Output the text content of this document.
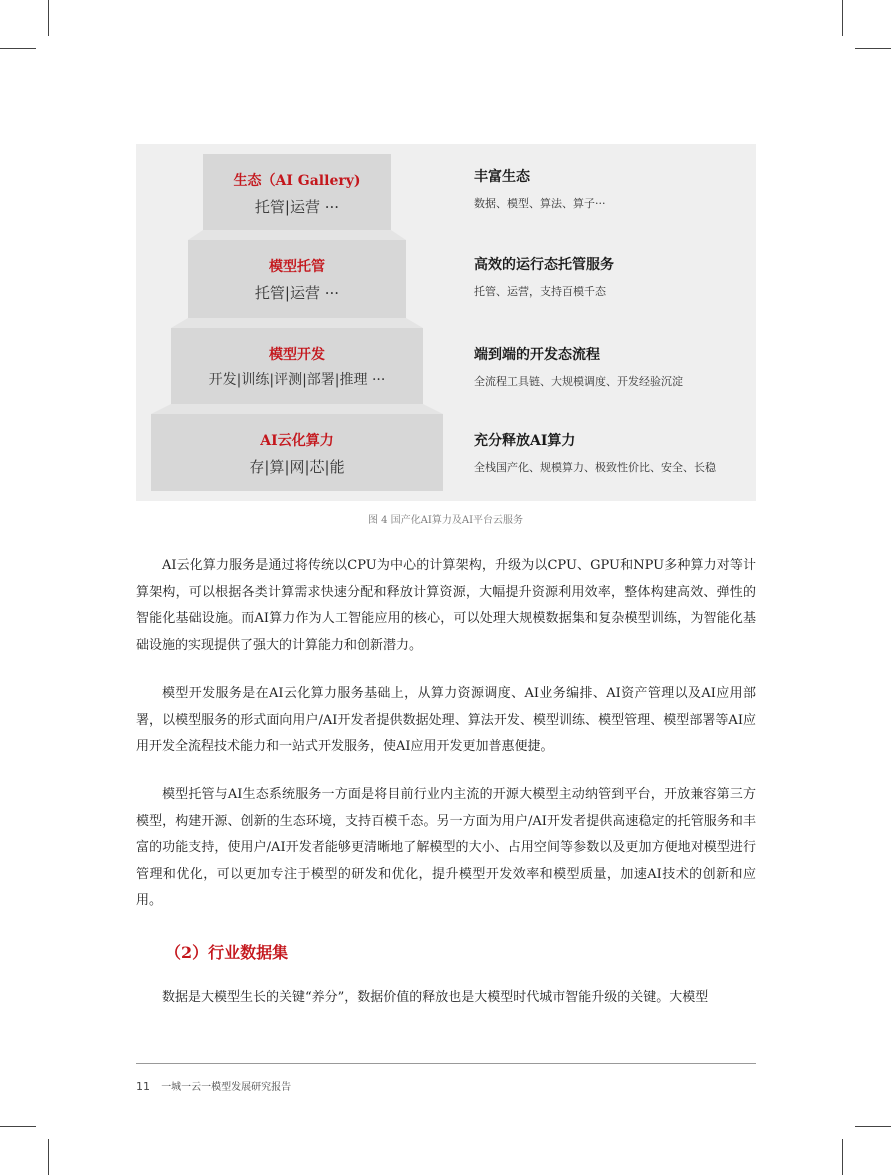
生态（AI Gallery)
托管|运营 ···
模型托管
托管|运营 ···
模型开发
开发|训练|评测|部署|推理 ···
AI云化算力
存|算|网|芯|能
丰富生态
数据、模型、算法、算子···
高效的运行态托管服务
托管、运营，支持百模千态
端到端的开发态流程
全流程工具链、大规模调度、开发经验沉淀
充分释放AI算力
全栈国产化、规模算力、极致性价比、安全、长稳
图 4 国产化AI算力及AI平台云服务

AI云化算力服务是通过将传统以CPU为中心的计算架构，升级为以CPU、GPU和NPU多种算力对等计算架构，可以根据各类计算需求快速分配和释放计算资源，大幅提升资源利用效率，整体构建高效、弹性的智能化基础设施。而AI算力作为人工智能应用的核心，可以处理大规模数据集和复杂模型训练，为智能化基础设施的实现提供了强大的计算能力和创新潜力。

模型开发服务是在AI云化算力服务基础上，从算力资源调度、AI业务编排、AI资产管理以及AI应用部署，以模型服务的形式面向用户/AI开发者提供数据处理、算法开发、模型训练、模型管理、模型部署等AI应用开发全流程技术能力和一站式开发服务，使AI应用开发更加普惠便捷。

模型托管与AI生态系统服务一方面是将目前行业内主流的开源大模型主动纳管到平台，开放兼容第三方模型，构建开源、创新的生态环境，支持百模千态。另一方面为用户/AI开发者提供高速稳定的托管服务和丰富的功能支持，使用户/AI开发者能够更清晰地了解模型的大小、占用空间等参数以及更加方便地对模型进行管理和优化，可以更加专注于模型的研发和优化，提升模型开发效率和模型质量，加速AI技术的创新和应用。

（2）行业数据集

数据是大模型生长的关键“养分”，数据价值的释放也是大模型时代城市智能升级的关键。大模型

11 一城一云一模型发展研究报告
